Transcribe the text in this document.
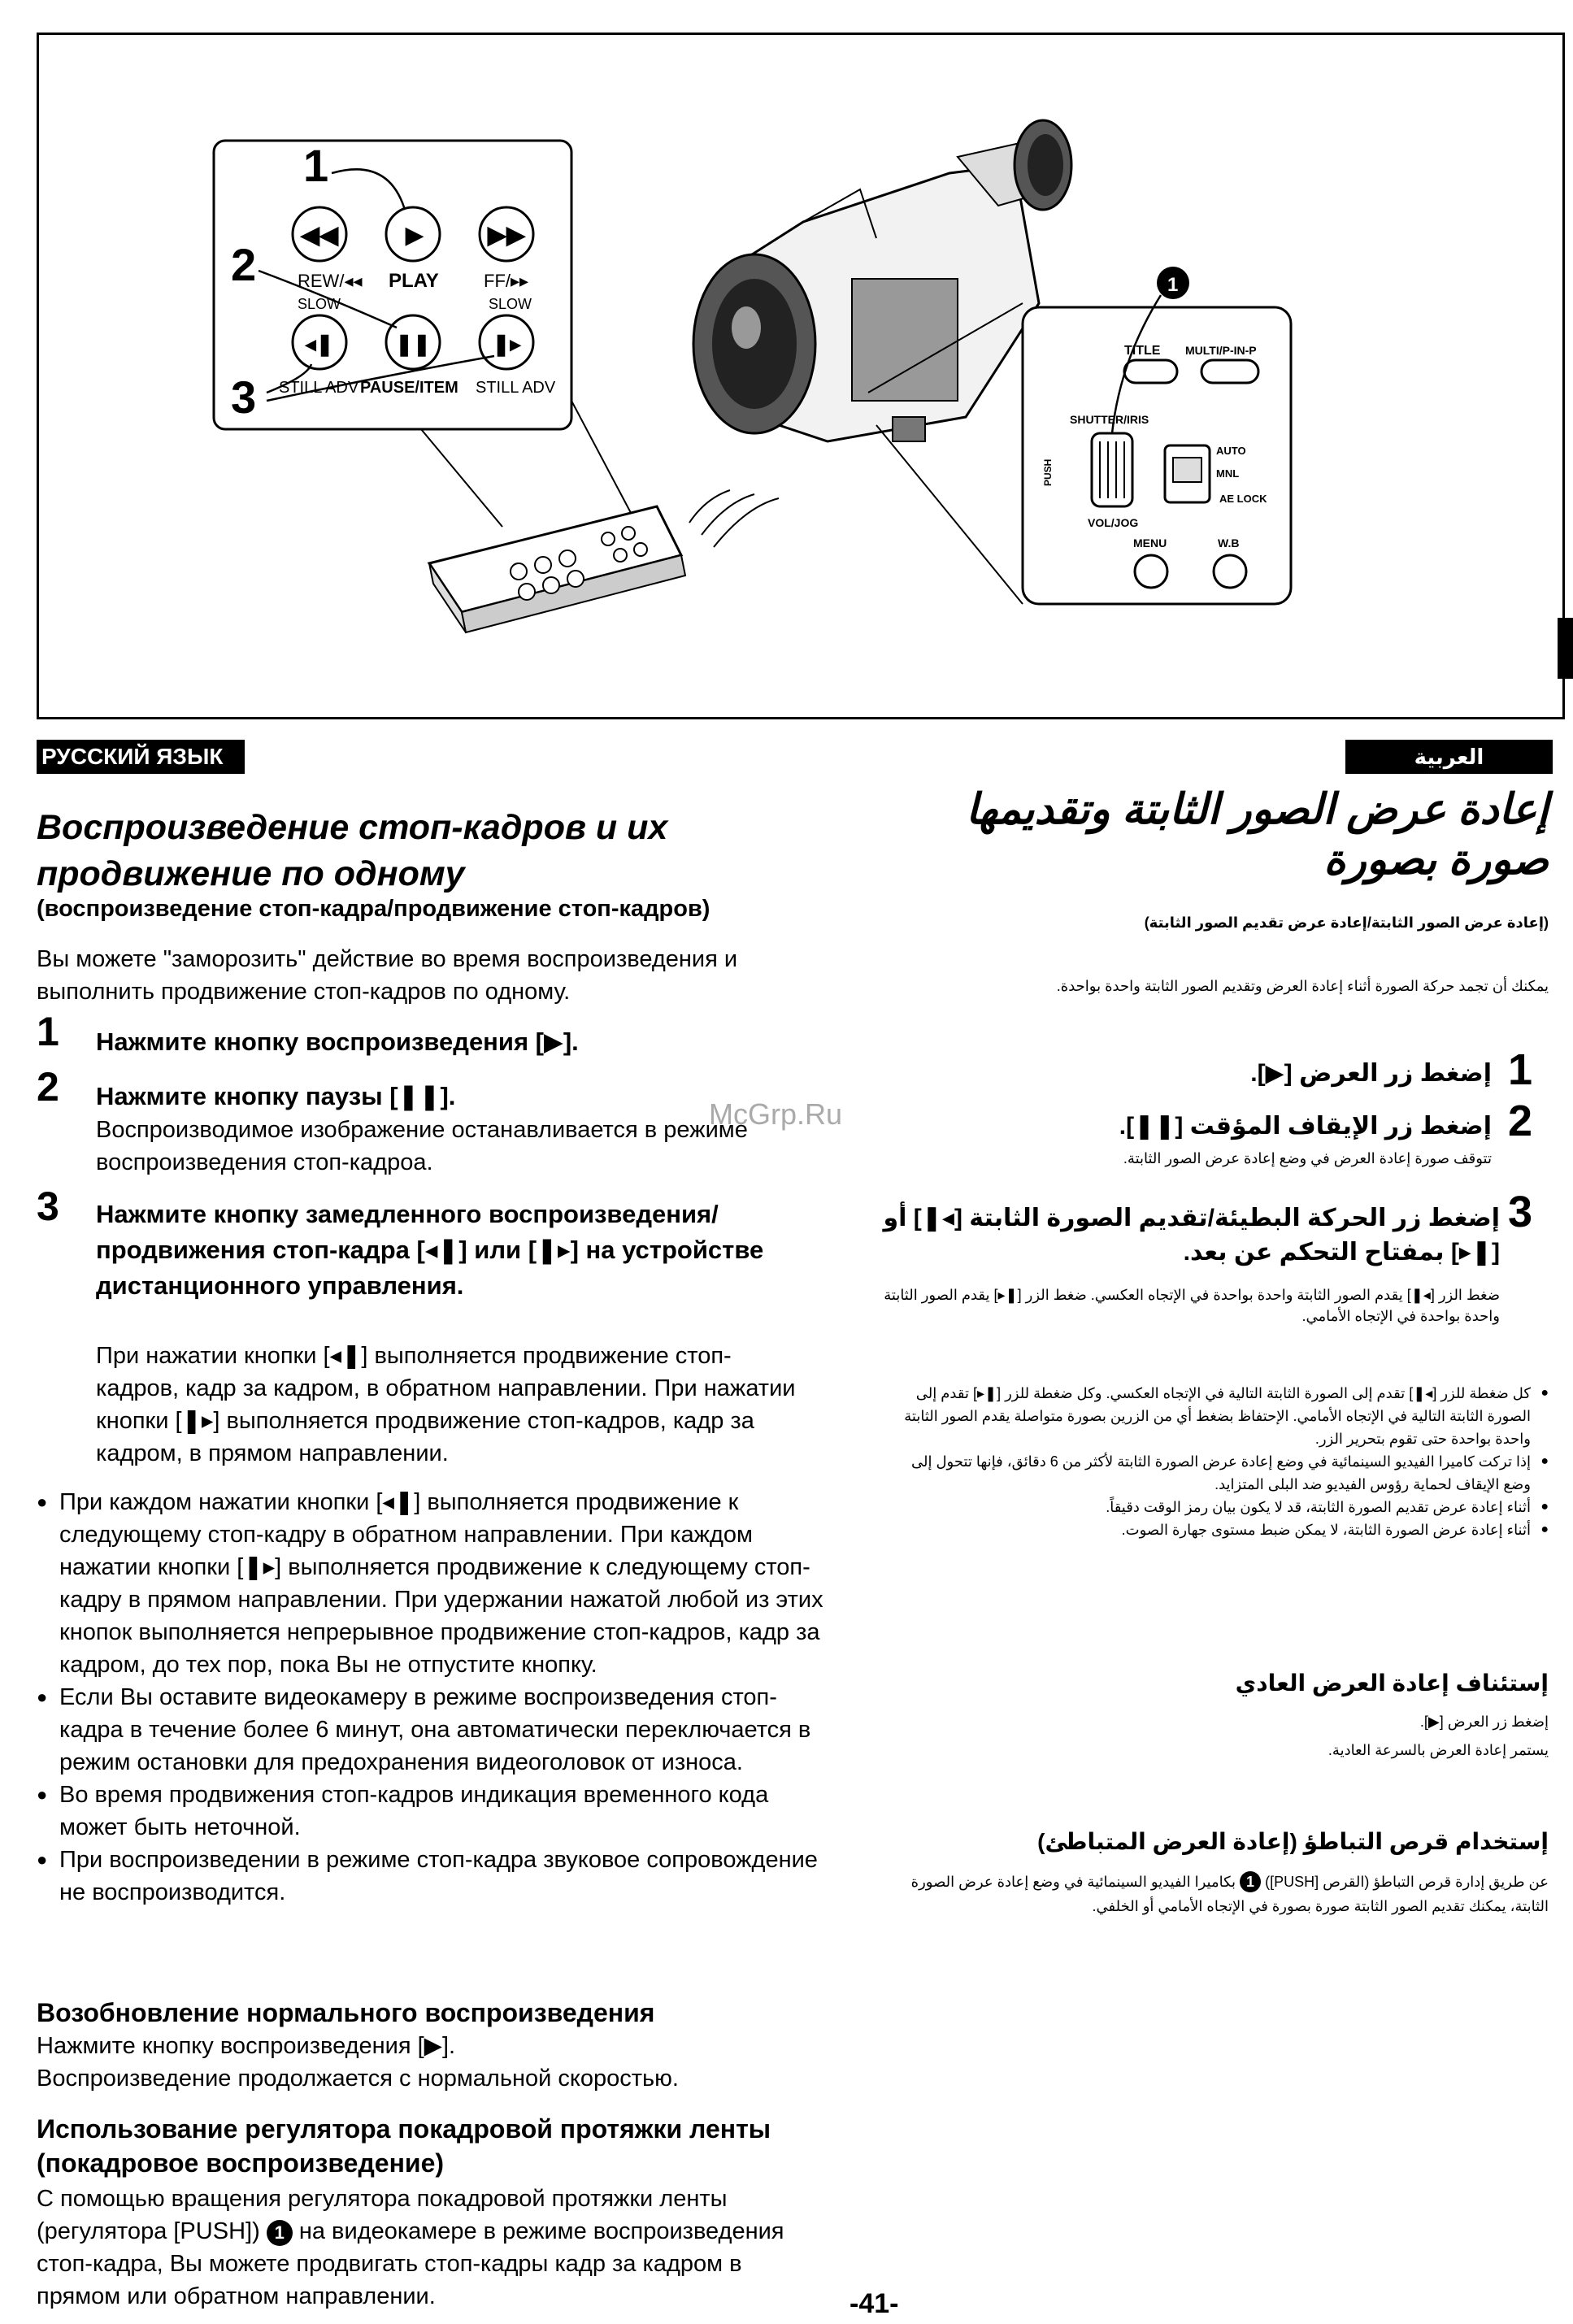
◀◀	▶	▶▶
REW/◂◂ PLAY	FF/▸▸
SLOW	SLOW
◂❚	❚❚	❚▸
STILL ADV PAUSE/ITEM STILL ADV
1
2
3
TITLE MULTI/P-IN-P
SHUTTER/IRIS
PUSH
VOL/JOG
AUTO
MNL
AE LOCK
MENU	W.B
1
РУССКИЙ ЯЗЫК	العربية
Воспроизведение стоп-кадров и их продвижение по одному
(воспроизведение стоп-кадра/продвижение стоп-кадров)
Вы можете "заморозить" действие во время воспроизведения и выполнить продвижение стоп-кадров по одному.
1 Нажмите кнопку воспроизведения [▶].
2 Нажмите кнопку паузы [❚❚].
Воспроизводимое изображение останавливается в режиме воспроизведения стоп-кадроа.
3 Нажмите кнопку замедленного воспроизведения/продвижения стоп-кадра [◂❚] или [❚▸] на устройстве дистанционного управления.
При нажатии кнопки [◂❚] выполняется продвижение стоп-кадров, кадр за кадром, в обратном направлении. При нажатии кнопки [❚▸] выполняется продвижение стоп-кадров, кадр за кадром, в прямом направлении.
● При каждом нажатии кнопки [◂❚] выполняется продвижение к следующему стоп-кадру в обратном направлении. При каждом нажатии кнопки [❚▸] выполняется продвижение к следующему стоп-кадру в прямом направлении. При удержании нажатой любой из этих кнопок выполняется непрерывное продвижение стоп-кадров, кадр за кадром, до тех пор, пока Вы не отпустите кнопку.
● Если Вы оставите видеокамеру в режиме воспроизведения стоп-кадра в течение более 6 минут, она автоматически переключается в режим остановки для предохранения видеоголовок от износа.
● Во время продвижения стоп-кадров индикация временного кода может быть неточной.
● При воспроизведении в режиме стоп-кадра звуковое сопровождение не воспроизводится.
Возобновление нормального воспроизведения
Нажмите кнопку воспроизведения [▶].
Воспроизведение продолжается с нормальной скоростью.
Использование регулятора покадровой протяжки ленты (покадровое воспроизведение)
С помощью вращения регулятора покадровой протяжки ленты (регулятора [PUSH]) 1 на видеокамере в режиме воспроизведения стоп-кадра, Вы можете продвигать стоп-кадры кадр за кадром в прямом или обратном направлении.
McGrp.Ru
-41-
إعادة عرض الصور الثابتة وتقديمها صورة بصورة
(إعادة عرض الصور الثابتة/إعادة عرض تقديم الصور الثابتة)
يمكنك أن تجمد حركة الصورة أثناء إعادة العرض وتقديم الصور الثابتة واحدة بواحدة.
1
إضغط زر العرض [▶].
2
إضغط زر الإيقاف المؤقت [❚❚].
تتوقف صورة إعادة العرض في وضع إعادة عرض الصور الثابتة.
3
إضغط زر الحركة البطيئة/تقديم الصورة الثابتة [◂❚] أو [❚▸] بمفتاح التحكم عن بعد.
ضغط الزر [◂❚] يقدم الصور الثابتة واحدة بواحدة في الإتجاه العكسي. ضغط الزر [❚▸] يقدم الصور الثابتة واحدة بواحدة في الإتجاه الأمامي.
● كل ضغطة للزر [◂❚] تقدم إلى الصورة الثابتة التالية في الإتجاه العكسي. وكل ضغطة للزر [❚▸] تقدم إلى الصورة الثابتة التالية في الإتجاه الأمامي. الإحتفاظ بضغط أي من الزرين بصورة متواصلة يقدم الصور الثابتة واحدة بواحدة حتى تقوم بتحرير الزر.
● إذا تركت كاميرا الفيديو السينمائية في وضع إعادة عرض الصورة الثابتة لأكثر من 6 دقائق، فإنها تتحول إلى وضع الإيقاف لحماية رؤوس الفيديو ضد البلى المتزايد.
● أثناء إعادة عرض تقديم الصورة الثابتة، قد لا يكون بيان رمز الوقت دقيقاً.
● أثناء إعادة عرض الصورة الثابتة، لا يمكن ضبط مستوى جهارة الصوت.
إستئناف إعادة العرض العادي
إضغط زر العرض [▶].
يستمر إعادة العرض بالسرعة العادية.
إستخدام قرص التباطؤ (إعادة العرض المتباطئ)
عن طريق إدارة قرص التباطؤ (القرص [PUSH]) 1 بكاميرا الفيديو السينمائية في وضع إعادة عرض الصورة الثابتة، يمكنك تقديم الصور الثابتة صورة بصورة في الإتجاه الأمامي أو الخلفي.
